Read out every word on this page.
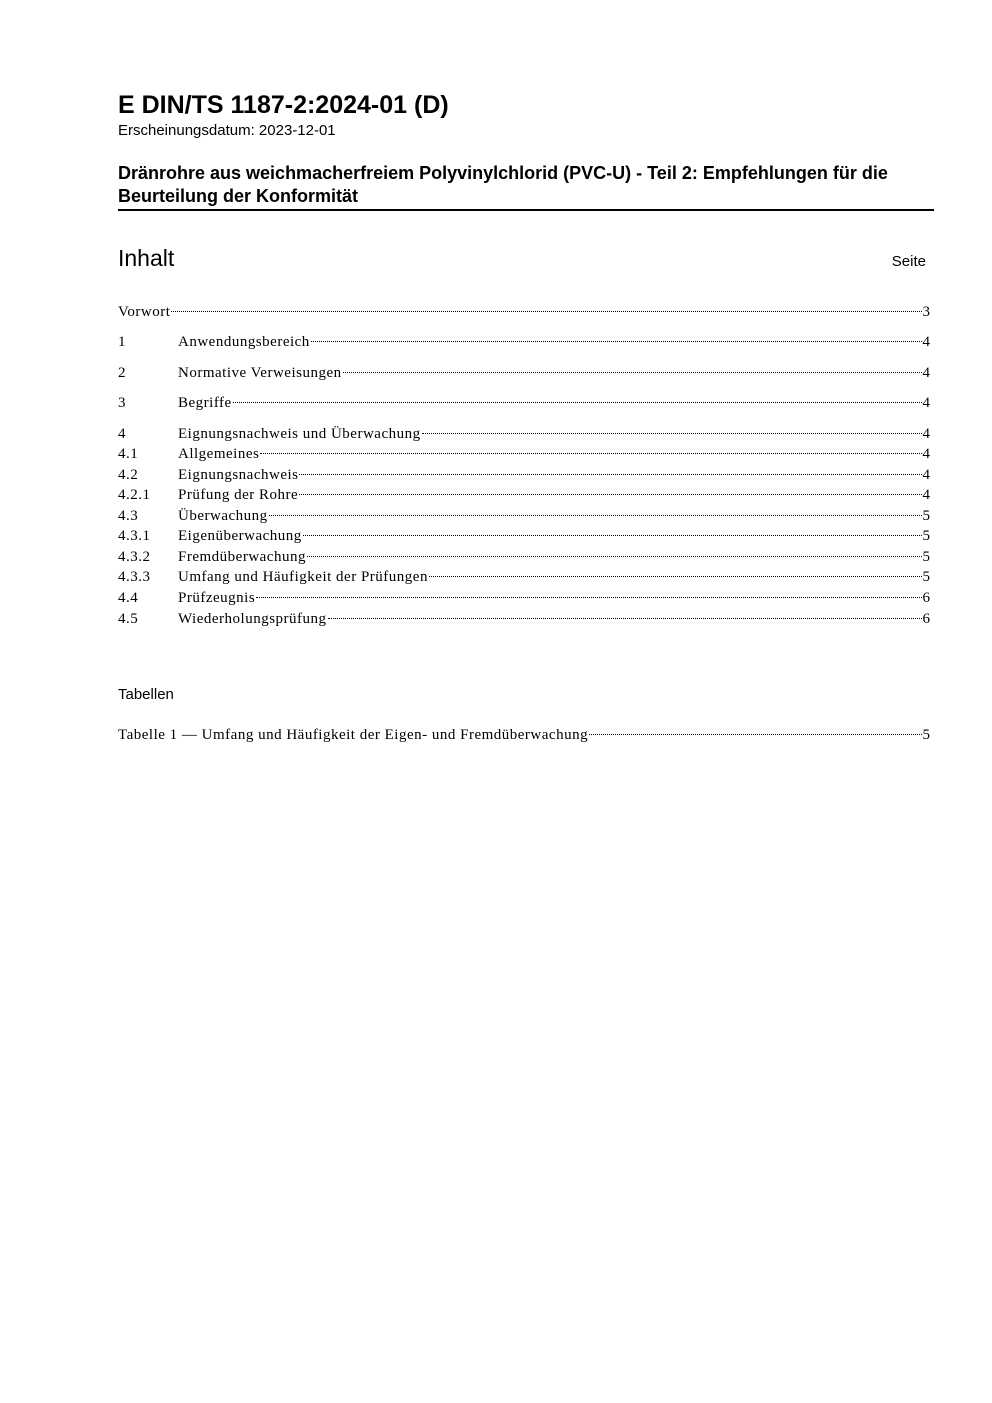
E DIN/TS 1187-2:2024-01 (D)
Erscheinungsdatum: 2023-12-01
Dränrohre aus weichmacherfreiem Polyvinylchlorid (PVC-U) - Teil 2: Empfehlungen für die Beurteilung der Konformität
Inhalt	Seite
Vorwort	3
1	Anwendungsbereich	4
2	Normative Verweisungen	4
3	Begriffe	4
4	Eignungsnachweis und Überwachung	4
4.1	Allgemeines	4
4.2	Eignungsnachweis	4
4.2.1	Prüfung der Rohre	4
4.3	Überwachung	5
4.3.1	Eigenüberwachung	5
4.3.2	Fremdüberwachung	5
4.3.3	Umfang und Häufigkeit der Prüfungen	5
4.4	Prüfzeugnis	6
4.5	Wiederholungsprüfung	6
Tabellen
Tabelle 1 — Umfang und Häufigkeit der Eigen- und Fremdüberwachung	5
